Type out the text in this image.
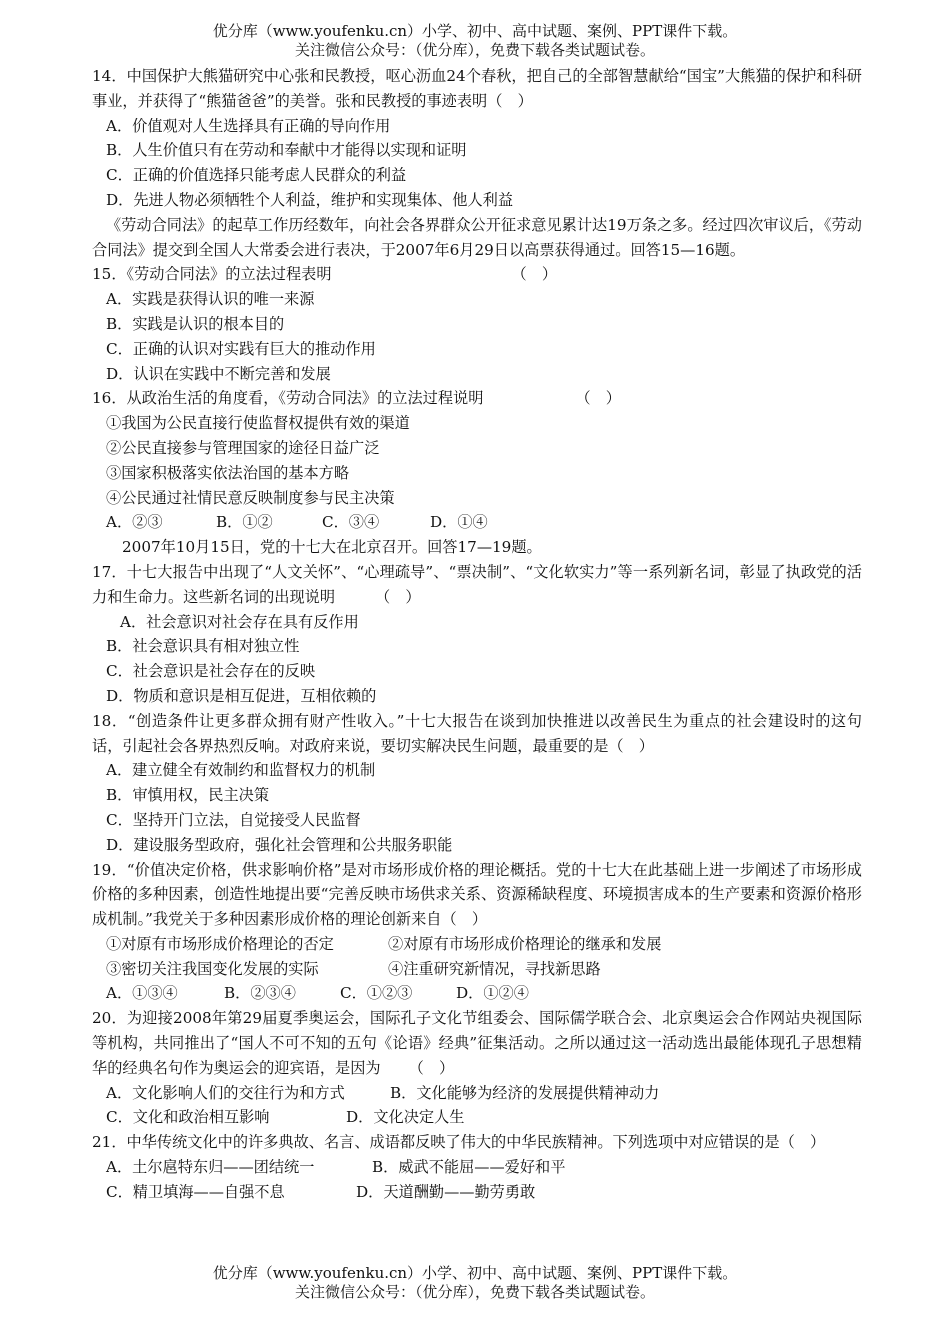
优分库（www.youfenku.cn）小学、初中、高中试题、案例、PPT课件下载。
关注微信公众号：（优分库），免费下载各类试题试卷。

14．中国保护大熊猫研究中心张和民教授，呕心沥血24个春秋，把自己的全部智慧献给“国宝”大熊猫的保护和科研事业，并获得了“熊猫爸爸”的美誉。张和民教授的事迹表明（　）

A．价值观对人生选择具有正确的导向作用

B．人生价值只有在劳动和奉献中才能得以实现和证明

C．正确的价值选择只能考虑人民群众的利益

D．先进人物必须牺牲个人利益，维护和实现集体、他人利益

《劳动合同法》的起草工作历经数年，向社会各界群众公开征求意见累计达19万条之多。经过四次审议后，《劳动合同法》提交到全国人大常委会进行表决，于2007年6月29日以高票获得通过。回答15—16题。

15．《劳动合同法》的立法过程表明	（　）

A．实践是获得认识的唯一来源

B．实践是认识的根本目的

C．正确的认识对实践有巨大的推动作用

D．认识在实践中不断完善和发展

16．从政治生活的角度看，《劳动合同法》的立法过程说明	（　）

①我国为公民直接行使监督权提供有效的渠道

②公民直接参与管理国家的途径日益广泛

③国家积极落实依法治国的基本方略

④公民通过社情民意反映制度参与民主决策

A．②③	B．①②	C．③④	D．①④

2007年10月15日，党的十七大在北京召开。回答17—19题。

17．十七大报告中出现了“人文关怀”、“心理疏导”、“票决制”、“文化软实力”等一系列新名词，彰显了执政党的活力和生命力。这些新名词的出现说明	（　）

A．社会意识对社会存在具有反作用

B．社会意识具有相对独立性

C．社会意识是社会存在的反映

D．物质和意识是相互促进，互相依赖的

18．“创造条件让更多群众拥有财产性收入。”十七大报告在谈到加快推进以改善民生为重点的社会建设时的这句话，引起社会各界热烈反响。对政府来说，要切实解决民生问题，最重要的是（　）

A．建立健全有效制约和监督权力的机制

B．审慎用权，民主决策

C．坚持开门立法，自觉接受人民监督

D．建设服务型政府，强化社会管理和公共服务职能

19．“价值决定价格，供求影响价格”是对市场形成价格的理论概括。党的十七大在此基础上进一步阐述了市场形成价格的多种因素，创造性地提出要“完善反映市场供求关系、资源稀缺程度、环境损害成本的生产要素和资源价格形成机制。”我党关于多种因素形成价格的理论创新来自（　）

①对原有市场形成价格理论的否定	②对原有市场形成价格理论的继承和发展

③密切关注我国变化发展的实际	④注重研究新情况，寻找新思路

A．①③④	B．②③④	C．①②③	D．①②④

20．为迎接2008年第29届夏季奥运会，国际孔子文化节组委会、国际儒学联合会、北京奥运会合作网站央视国际等机构，共同推出了“国人不可不知的五句《论语》经典”征集活动。之所以通过这一活动选出最能体现孔子思想精华的经典名句作为奥运会的迎宾语，是因为 （　）

A．文化影响人们的交往行为和方式	B．文化能够为经济的发展提供精神动力

C．文化和政治相互影响	D．文化决定人生

21．中华传统文化中的许多典故、名言、成语都反映了伟大的中华民族精神。下列选项中对应错误的是（　）

A．土尔扈特东归——团结统一	B．威武不能屈——爱好和平

C．精卫填海——自强不息	D．天道酬勤——勤劳勇敢

优分库（www.youfenku.cn）小学、初中、高中试题、案例、PPT课件下载。
关注微信公众号：（优分库），免费下载各类试题试卷。
